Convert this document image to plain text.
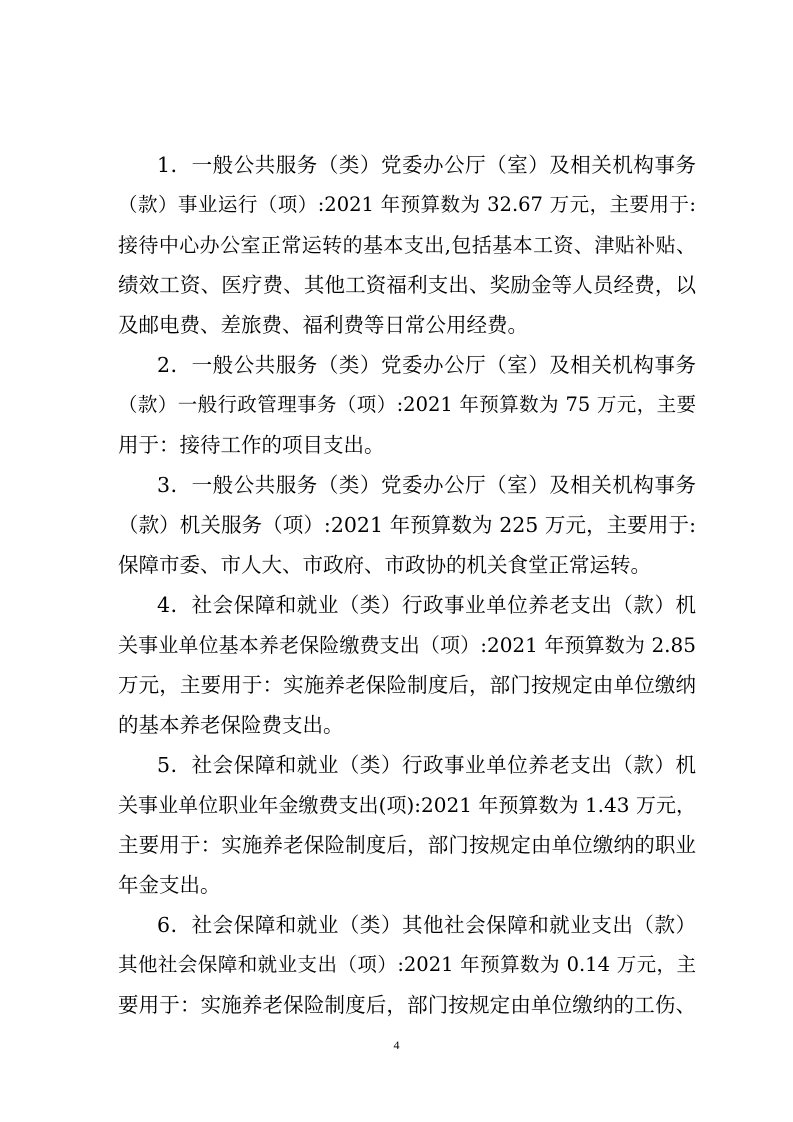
1．一般公共服务（类）党委办公厅（室）及相关机构事务
（款）事业运行（项）:2021 年预算数为 32.67 万元，主要用于:
接待中心办公室正常运转的基本支出,包括基本工资、津贴补贴、
绩效工资、医疗费、其他工资福利支出、奖励金等人员经费，以
及邮电费、差旅费、福利费等日常公用经费。
2．一般公共服务（类）党委办公厅（室）及相关机构事务
（款）一般行政管理事务（项）:2021 年预算数为 75 万元，主要
用于：接待工作的项目支出。
3．一般公共服务（类）党委办公厅（室）及相关机构事务
（款）机关服务（项）:2021 年预算数为 225 万元，主要用于:
保障市委、市人大、市政府、市政协的机关食堂正常运转。
4．社会保障和就业（类）行政事业单位养老支出（款）机
关事业单位基本养老保险缴费支出（项）:2021 年预算数为 2.85
万元，主要用于：实施养老保险制度后，部门按规定由单位缴纳
的基本养老保险费支出。
5．社会保障和就业（类）行政事业单位养老支出（款）机
关事业单位职业年金缴费支出(项):2021 年预算数为 1.43 万元，
主要用于：实施养老保险制度后，部门按规定由单位缴纳的职业
年金支出。
6．社会保障和就业（类）其他社会保障和就业支出（款）
其他社会保障和就业支出（项）:2021 年预算数为 0.14 万元，主
要用于：实施养老保险制度后，部门按规定由单位缴纳的工伤、
4
